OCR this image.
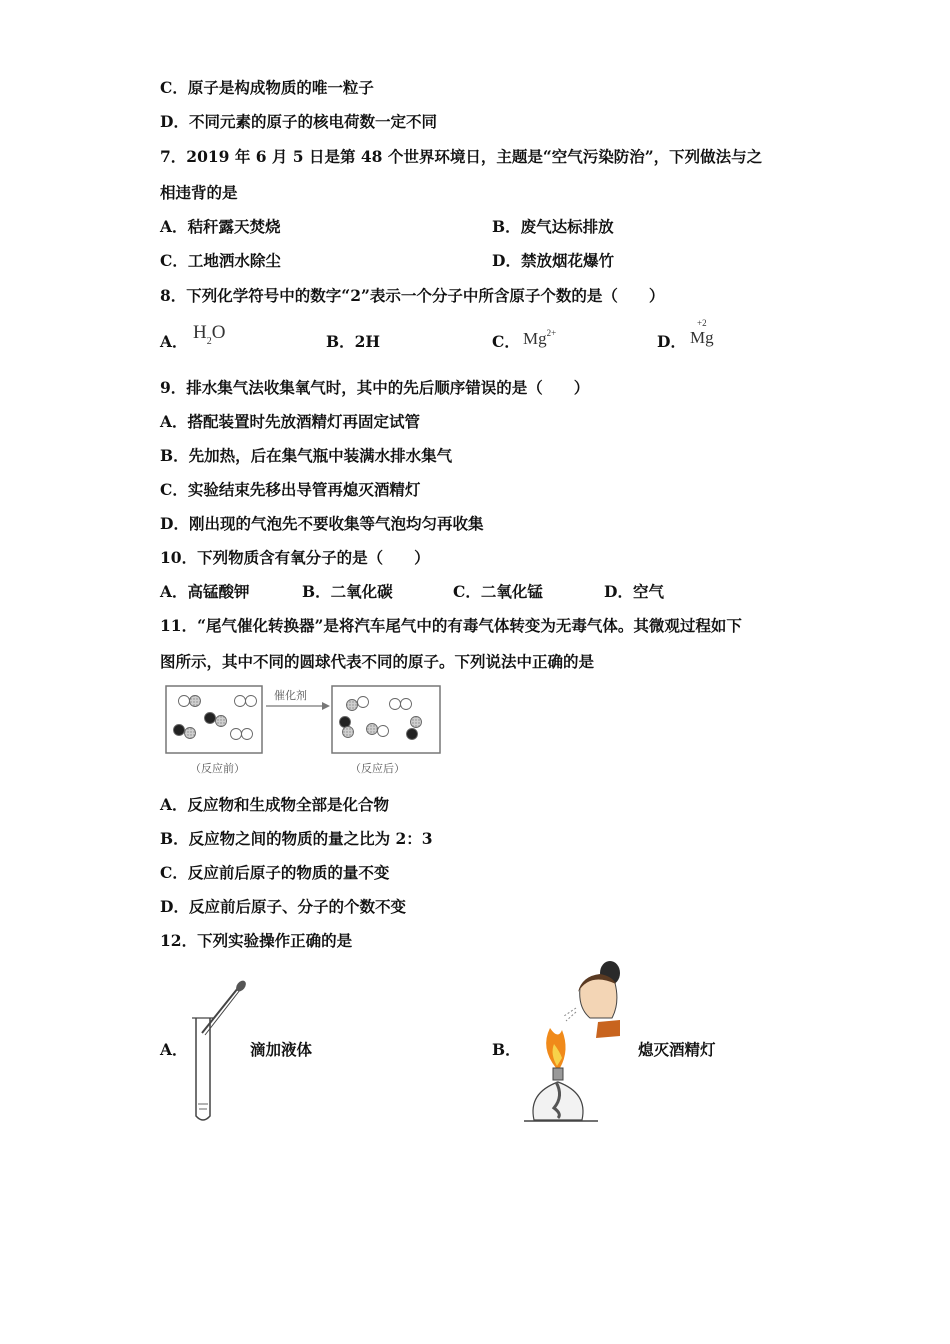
C．原子是构成物质的唯一粒子
D．不同元素的原子的核电荷数一定不同
7．2019 年 6 月 5 日是第 48 个世界环境日，主题是“空气污染防治”，下列做法与之
相违背的是
A．秸秆露天焚烧	B．废气达标排放
C．工地洒水除尘	D．禁放烟花爆竹
8．下列化学符号中的数字“2”表示一个分子中所含原子个数的是（　　）
A． $H_2O$	B．2H	C． $Mg^{2+}$	D．
+2
Mg
9．排水集气法收集氧气时，其中的先后顺序错误的是（　　）
A．搭配装置时先放酒精灯再固定试管
B．先加热，后在集气瓶中装满水排水集气
C．实验结束先移出导管再熄灭酒精灯
D．刚出现的气泡先不要收集等气泡均匀再收集
10．下列物质含有氧分子的是（　　）
A．高锰酸钾	B．二氧化碳	C．二氧化锰	D．空气
11．“尾气催化转换器”是将汽车尾气中的有毒气体转变为无毒气体。其微观过程如下
图所示，其中不同的圆球代表不同的原子。下列说法中正确的是
催化剂
（反应前）	（反应后）
A．反应物和生成物全部是化合物
B．反应物之间的物质的量之比为 2：3
C．反应前后原子的物质的量不变
D．反应前后原子、分子的个数不变
12．下列实验操作正确的是
A．	滴加液体	B．	熄灭酒精灯
